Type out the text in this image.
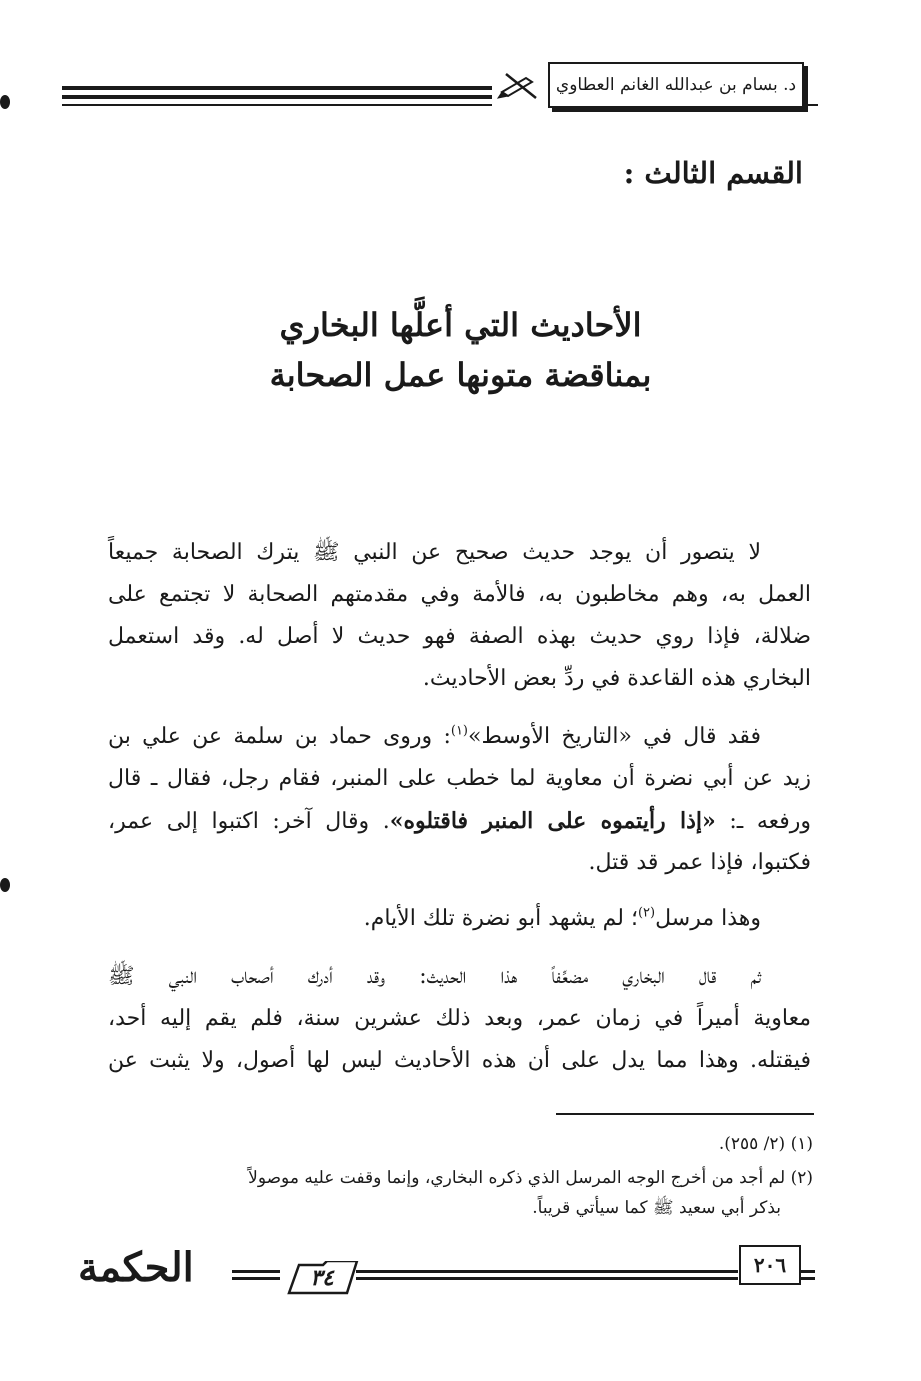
د. بسام بن عبدالله الغانم العطاوي
القسم الثالث :
الأحاديث التي أعلَّها البخاري
بمناقضة متونها عمل الصحابة
لا يتصور أن يوجد حديث صحيح عن النبي ﷺ يترك الصحابة جميعاً
العمل به، وهم مخاطبون به، فالأمة وفي مقدمتهم الصحابة لا تجتمع على
ضلالة، فإذا روي حديث بهذه الصفة فهو حديث لا أصل له. وقد استعمل
البخاري هذه القاعدة في ردِّ بعض الأحاديث.
فقد قال في «التاريخ الأوسط»$^{(١)}$: وروى حماد بن سلمة عن علي بن
زيد عن أبي نضرة أن معاوية لما خطب على المنبر، فقام رجل، فقال ـ قال
ورفعه ـ: «إذا رأيتموه على المنبر فاقتلوه». وقال آخر: اكتبوا إلى عمر،
فكتبوا، فإذا عمر قد قتل.
وهذا مرسل$^{(٢)}$؛ لم يشهد أبو نضرة تلك الأيام.
ثم قال البخاري مضعِّفاً هذا الحديث: وقد أدرك أصحاب النبي ﷺ
معاوية أميراً في زمان عمر، وبعد ذلك عشرين سنة، فلم يقم إليه أحد،
فيقتله. وهذا مما يدل على أن هذه الأحاديث ليس لها أصول، ولا يثبت عن
(١) (٢/ ٢٥٥).
(٢) لم أجد من أخرج الوجه المرسل الذي ذكره البخاري، وإنما وقفت عليه موصولاً
بذكر أبي سعيد ﷺ كما سيأتي قريباً.
٢٠٦
٣٤
الحكمة
